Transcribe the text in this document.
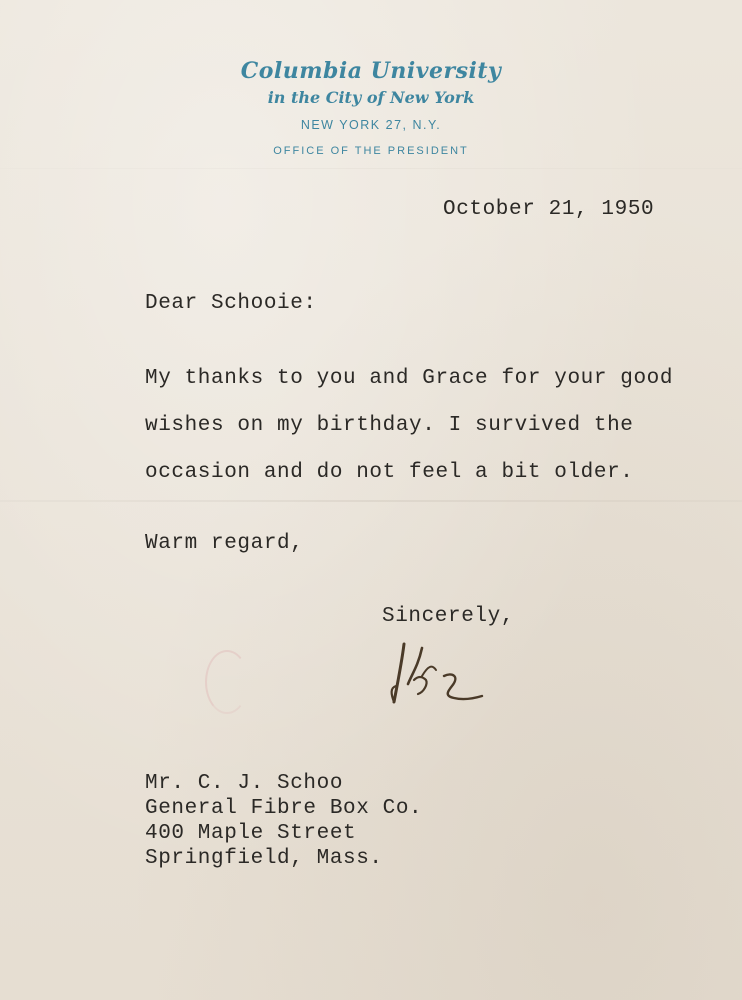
Columbia University
in the City of New York
NEW YORK 27, N.Y.
OFFICE OF THE PRESIDENT
October 21, 1950
Dear Schooie:
My thanks to you and Grace for your good
wishes on my birthday. I survived the
occasion and do not feel a bit older.
Warm regard,
Sincerely,
Mr. C. J. Schoo
General Fibre Box Co.
400 Maple Street
Springfield, Mass.
